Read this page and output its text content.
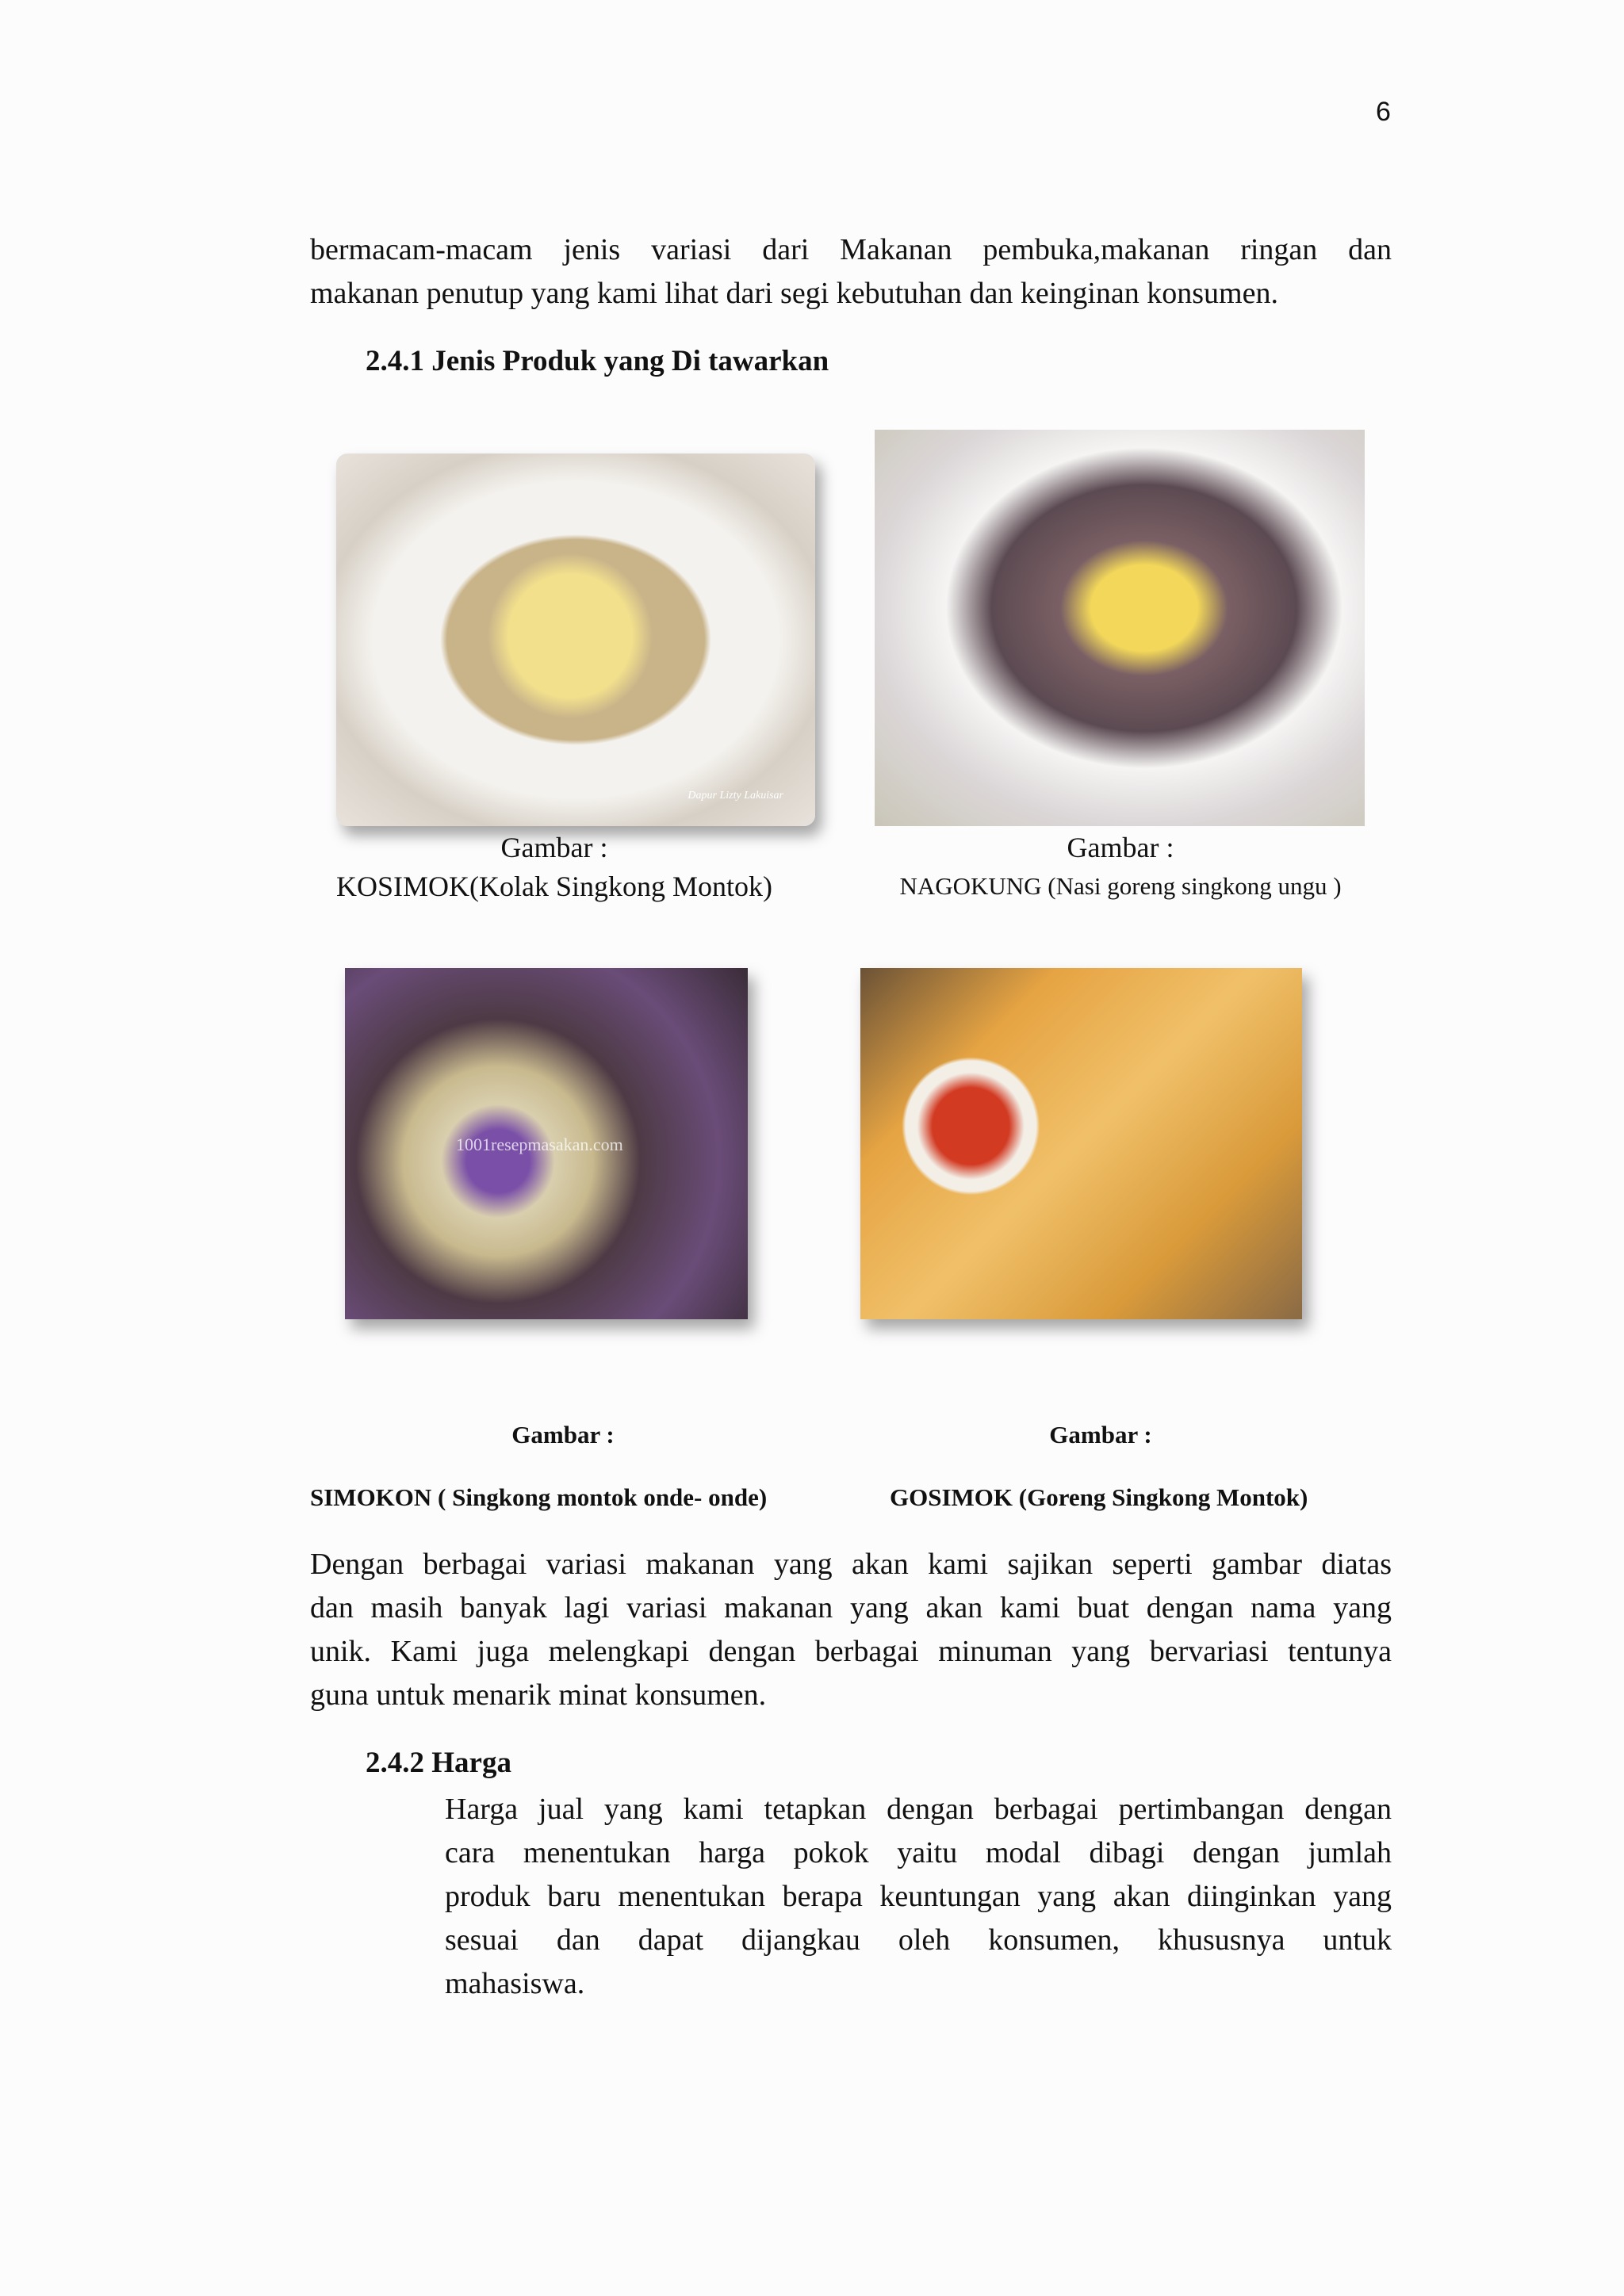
6
bermacam-macam jenis variasi dari Makanan pembuka,makanan ringan dan
makanan penutup yang kami lihat dari segi kebutuhan dan keinginan konsumen.
2.4.1 Jenis Produk yang Di tawarkan
Dapur Lizty Lakuisar
Gambar :
KOSIMOK(Kolak Singkong Montok)
Gambar :
NAGOKUNG (Nasi goreng singkong ungu )
1001resepmasakan.com
Gambar :	Gambar :
SIMOKON ( Singkong montok onde- onde)	GOSIMOK (Goreng Singkong Montok)
Dengan berbagai variasi makanan yang akan kami sajikan seperti gambar diatas
dan masih banyak lagi variasi makanan yang akan kami buat dengan nama yang
unik. Kami juga melengkapi dengan berbagai minuman yang bervariasi tentunya
guna untuk menarik minat konsumen.
2.4.2 Harga
Harga jual yang kami tetapkan dengan berbagai pertimbangan dengan
cara menentukan harga pokok yaitu modal dibagi dengan jumlah
produk baru menentukan berapa keuntungan yang akan diinginkan yang
sesuai dan dapat dijangkau oleh konsumen, khususnya untuk
mahasiswa.
